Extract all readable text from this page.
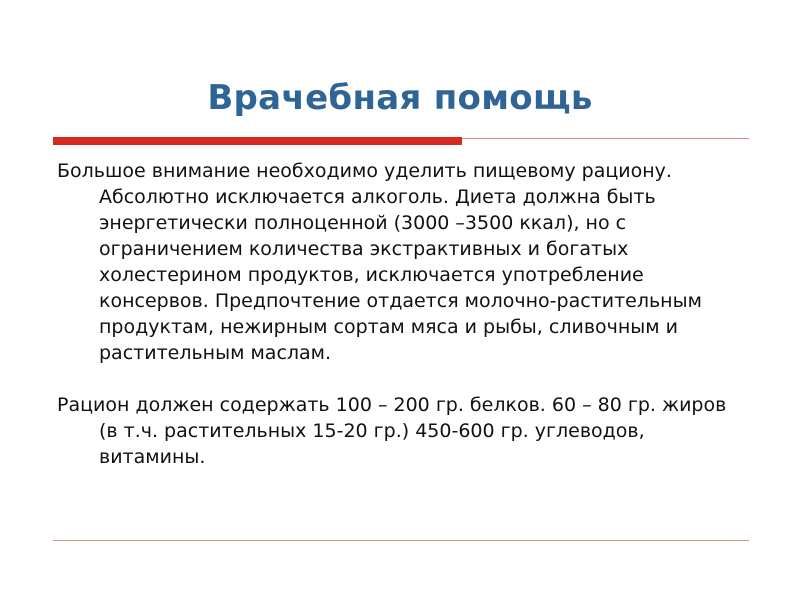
Врачебная помощь

Большое внимание необходимо уделить пищевому рациону. Абсолютно исключается алкоголь. Диета должна быть энергетически полноценной (3000 –3500 ккал), но с ограничением количества экстрактивных и богатых холестерином продуктов, исключается употребление консервов. Предпочтение отдается молочно-растительным продуктам, нежирным сортам мяса и рыбы, сливочным и растительным маслам.

Рацион должен содержать 100 – 200 гр. белков. 60 – 80 гр. жиров (в т.ч. растительных 15-20 гр.) 450-600 гр. углеводов, витамины.
